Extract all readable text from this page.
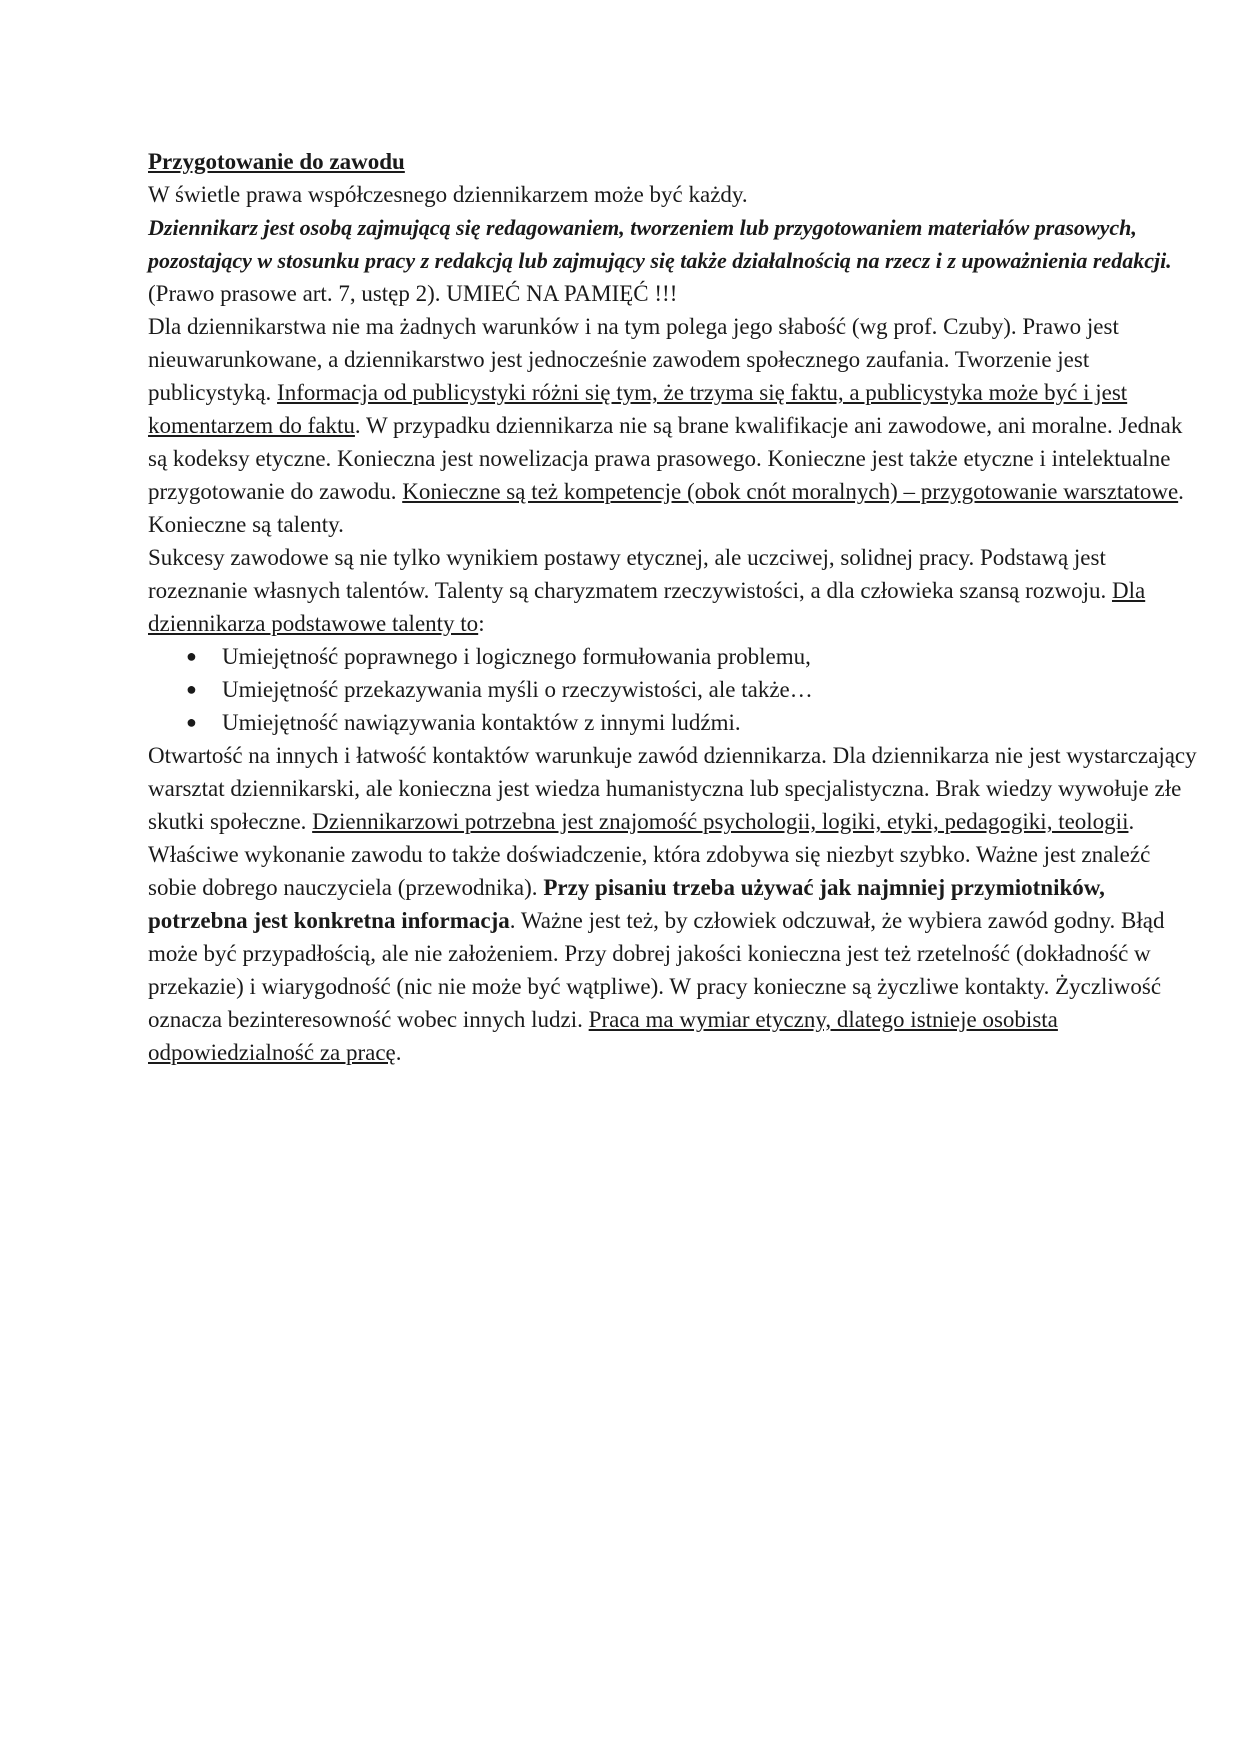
Przygotowanie do zawodu

W świetle prawa współczesnego dziennikarzem może być każdy.

Dziennikarz jest osobą zajmującą się redagowaniem, tworzeniem lub przygotowaniem materiałów prasowych, pozostający w stosunku pracy z redakcją lub zajmujący się także działalnością na rzecz i z upoważnienia redakcji. (Prawo prasowe art. 7, ustęp 2). UMIEĆ NA PAMIĘĆ !!!

Dla dziennikarstwa nie ma żadnych warunków i na tym polega jego słabość (wg prof. Czuby). Prawo jest nieuwarunkowane, a dziennikarstwo jest jednocześnie zawodem społecznego zaufania. Tworzenie jest publicystyką. Informacja od publicystyki różni się tym, że trzyma się faktu, a publicystyka może być i jest komentarzem do faktu. W przypadku dziennikarza nie są brane kwalifikacje ani zawodowe, ani moralne. Jednak są kodeksy etyczne. Konieczna jest nowelizacja prawa prasowego. Konieczne jest także etyczne i intelektualne przygotowanie do zawodu. Konieczne są też kompetencje (obok cnót moralnych) – przygotowanie warsztatowe. Konieczne są talenty.

Sukcesy zawodowe są nie tylko wynikiem postawy etycznej, ale uczciwej, solidnej pracy. Podstawą jest rozeznanie własnych talentów. Talenty są charyzmatem rzeczywistości, a dla człowieka szansą rozwoju. Dla dziennikarza podstawowe talenty to:

● Umiejętność poprawnego i logicznego formułowania problemu,
● Umiejętność przekazywania myśli o rzeczywistości, ale także…
● Umiejętność nawiązywania kontaktów z innymi ludźmi.

Otwartość na innych i łatwość kontaktów warunkuje zawód dziennikarza. Dla dziennikarza nie jest wystarczający warsztat dziennikarski, ale konieczna jest wiedza humanistyczna lub specjalistyczna. Brak wiedzy wywołuje złe skutki społeczne. Dziennikarzowi potrzebna jest znajomość psychologii, logiki, etyki, pedagogiki, teologii. Właściwe wykonanie zawodu to także doświadczenie, która zdobywa się niezbyt szybko. Ważne jest znaleźć sobie dobrego nauczyciela (przewodnika). Przy pisaniu trzeba używać jak najmniej przymiotników, potrzebna jest konkretna informacja. Ważne jest też, by człowiek odczuwał, że wybiera zawód godny. Błąd może być przypadłością, ale nie założeniem. Przy dobrej jakości konieczna jest też rzetelność (dokładność w przekazie) i wiarygodność (nic nie może być wątpliwe). W pracy konieczne są życzliwe kontakty. Życzliwość oznacza bezinteresowność wobec innych ludzi. Praca ma wymiar etyczny, dlatego istnieje osobista odpowiedzialność za pracę.
